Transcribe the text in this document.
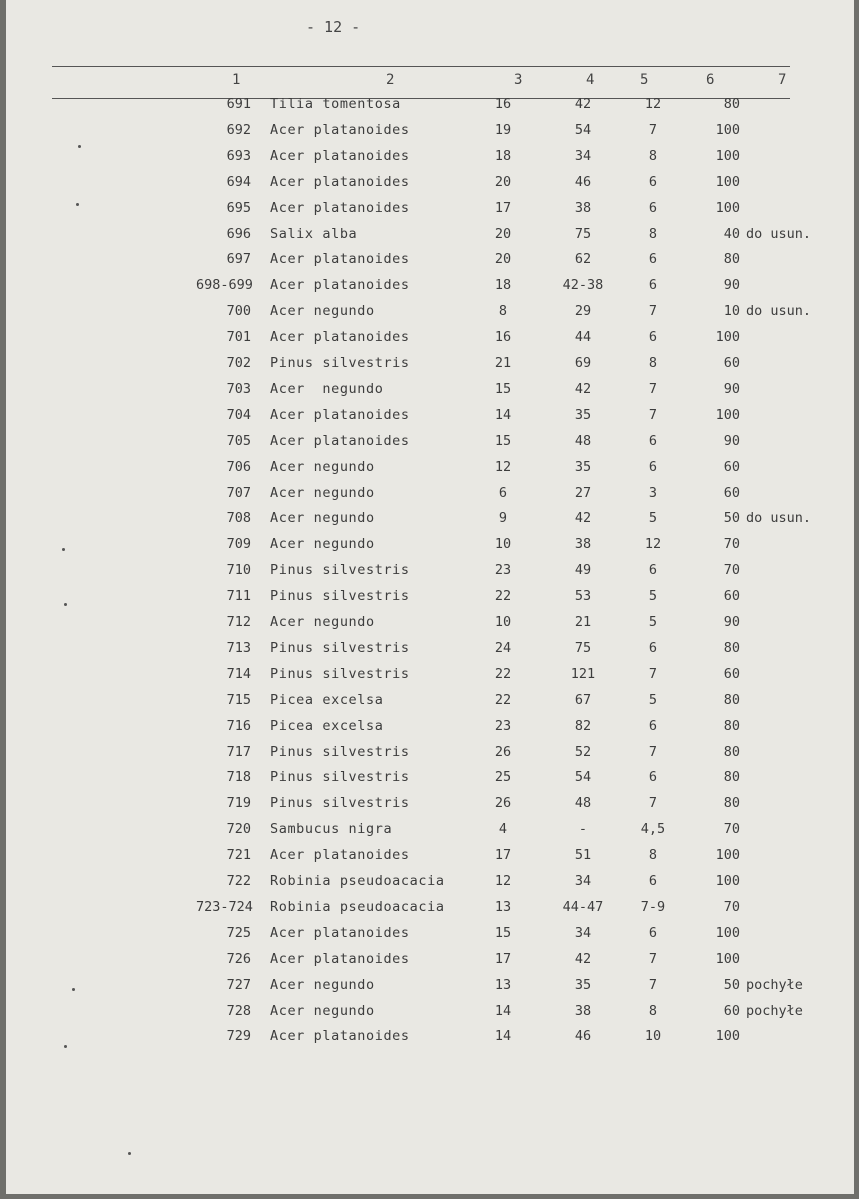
- 12 -
1	2	3	4	5	6	7
691 Tilia tomentosa	16	42	12	80
692 Acer platanoides	19	54	7	100
693 Acer platanoides	18	34	8	100
694 Acer platanoides	20	46	6	100
695 Acer platanoides	17	38	6	100
696 Salix alba	20	75	8	40 do usun.
697 Acer platanoides	20	62	6	80
698-699 Acer platanoides	18	42-38	6	90
700 Acer negundo	8	29	7	10 do usun.
701 Acer platanoides	16	44	6	100
702 Pinus silvestris	21	69	8	60
703 Acer  negundo	15	42	7	90
704 Acer platanoides	14	35	7	100
705 Acer platanoides	15	48	6	90
706 Acer negundo	12	35	6	60
707 Acer negundo	6	27	3	60
708 Acer negundo	9	42	5	50 do usun.
709 Acer negundo	10	38	12	70
710 Pinus silvestris	23	49	6	70
711 Pinus silvestris	22	53	5	60
712 Acer negundo	10	21	5	90
713 Pinus silvestris	24	75	6	80
714 Pinus silvestris	22	121	7	60
715 Picea excelsa	22	67	5	80
716 Picea excelsa	23	82	6	80
717 Pinus silvestris	26	52	7	80
718 Pinus silvestris	25	54	6	80
719 Pinus silvestris	26	48	7	80
720 Sambucus nigra	4	-	4,5	70
721 Acer platanoides	17	51	8	100
722 Robinia pseudoacacia	12	34	6	100
723-724 Robinia pseudoacacia	13	44-47	7-9	70
725 Acer platanoides	15	34	6	100
726 Acer platanoides	17	42	7	100
727 Acer negundo	13	35	7	50 pochyłe
728 Acer negundo	14	38	8	60 pochyłe
729 Acer platanoides	14	46	10	100
